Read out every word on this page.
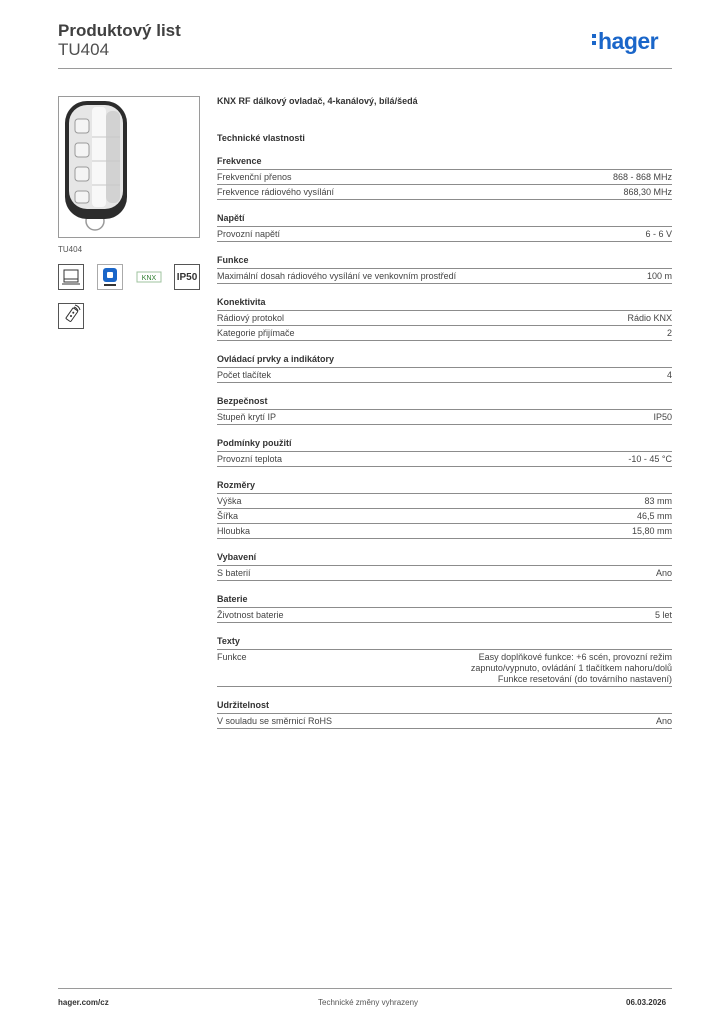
Produktový list
TU404	hager
TU404
KNX IP50
KNX RF dálkový ovladač, 4-kanálový, bílá/šedá
Technické vlastnosti
Frekvence
Frekvenční přenos	868 - 868 MHz
Frekvence rádiového vysílání	868,30 MHz
Napětí
Provozní napětí	6 - 6 V
Funkce
Maximální dosah rádiového vysílání ve venkovním prostředí	100 m
Konektivita
Rádiový protokol	Rádio KNX
Kategorie přijímače	2
Ovládací prvky a indikátory
Počet tlačítek	4
Bezpečnost
Stupeň krytí IP	IP50
Podmínky použití
Provozní teplota	-10 - 45 °C
Rozměry
Výška	83 mm
Šířka	46,5 mm
Hloubka	15,80 mm
Vybavení
S baterií	Ano
Baterie
Životnost baterie	5 let
Texty
Funkce	Easy doplňkové funkce: +6 scén, provozní režim zapnuto/vypnuto, ovládání 1 tlačítkem nahoru/dolů Funkce resetování (do továrního nastavení)
Udržitelnost
V souladu se směrnicí RoHS	Ano
hager.com/cz	Technické změny vyhrazeny	06.03.2026
